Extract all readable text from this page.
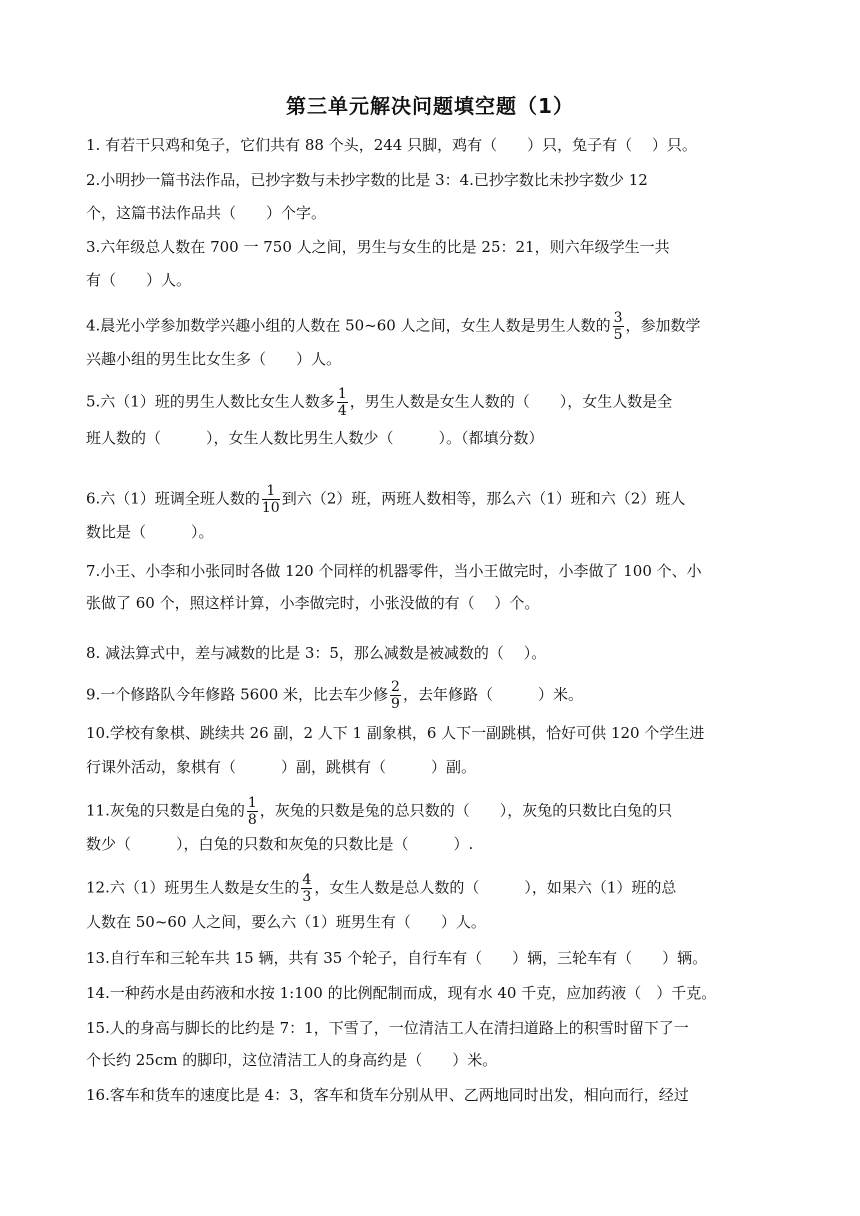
第三单元解决问题填空题（1）
1. 有若干只鸡和兔子，它们共有 88 个头，244 只脚，鸡有（　　）只，兔子有（　 ）只。
2.小明抄一篇书法作品，已抄字数与未抄字数的比是 3：4.已抄字数比未抄字数少 12
个，这篇书法作品共（　　）个字。
3.六年级总人数在 700 一 750 人之间，男生与女生的比是 25：21，则六年级学生一共
有（　　）人。
4.晨光小学参加数学兴趣小组的人数在 50~60 人之间，女生人数是男生人数的 $\frac{3}{5}$ ，参加数学
兴趣小组的男生比女生多（　　）人。
5.六（1）班的男生人数比女生人数多 $\frac{1}{4}$ ，男生人数是女生人数的（　　），女生人数是全
班人数的（　　　），女生人数比男生人数少（　　　）。（都填分数）
6.六（1）班调全班人数的 $\frac{1}{10}$ 到六（2）班，两班人数相等，那么六（1）班和六（2）班人
数比是（　　　）。
7.小王、小李和小张同时各做 120 个同样的机器零件，当小王做完时，小李做了 100 个、小
张做了 60 个，照这样计算，小李做完时，小张没做的有（　 ）个。
8. 减法算式中，差与减数的比是 3：5，那么减数是被减数的（　 ）。
9.一个修路队今年修路 5600 米，比去车少修 $\frac{2}{9}$ ，去年修路（　　　）米。
10.学校有象棋、跳续共 26 副，2 人下 1 副象棋，6 人下一副跳棋，恰好可供 120 个学生进
行课外活动，象棋有（　　　）副，跳棋有（　　　）副。
11.灰兔的只数是白兔的 $\frac{1}{8}$ ，灰兔的只数是兔的总只数的（　　），灰兔的只数比白兔的只
数少（　　　），白兔的只数和灰兔的只数比是（　　　）.
12.六（1）班男生人数是女生的 $\frac{4}{3}$ ，女生人数是总人数的（　　　），如果六（1）班的总
人数在 50~60 人之间，要么六（1）班男生有（　　）人。
13.自行车和三轮车共 15 辆，共有 35 个轮子，自行车有（　　）辆，三轮车有（　　）辆。
14.一种药水是由药液和水按 1:100 的比例配制而成，现有水 40 千克，应加药液（　）千克。
15.人的身高与脚长的比约是 7：1，下雪了，一位清洁工人在清扫道路上的积雪时留下了一
个长约 25cm 的脚印，这位清洁工人的身高约是（　　）米。
16.客车和货车的速度比是 4：3，客车和货车分别从甲、乙两地同时出发，相向而行，经过
